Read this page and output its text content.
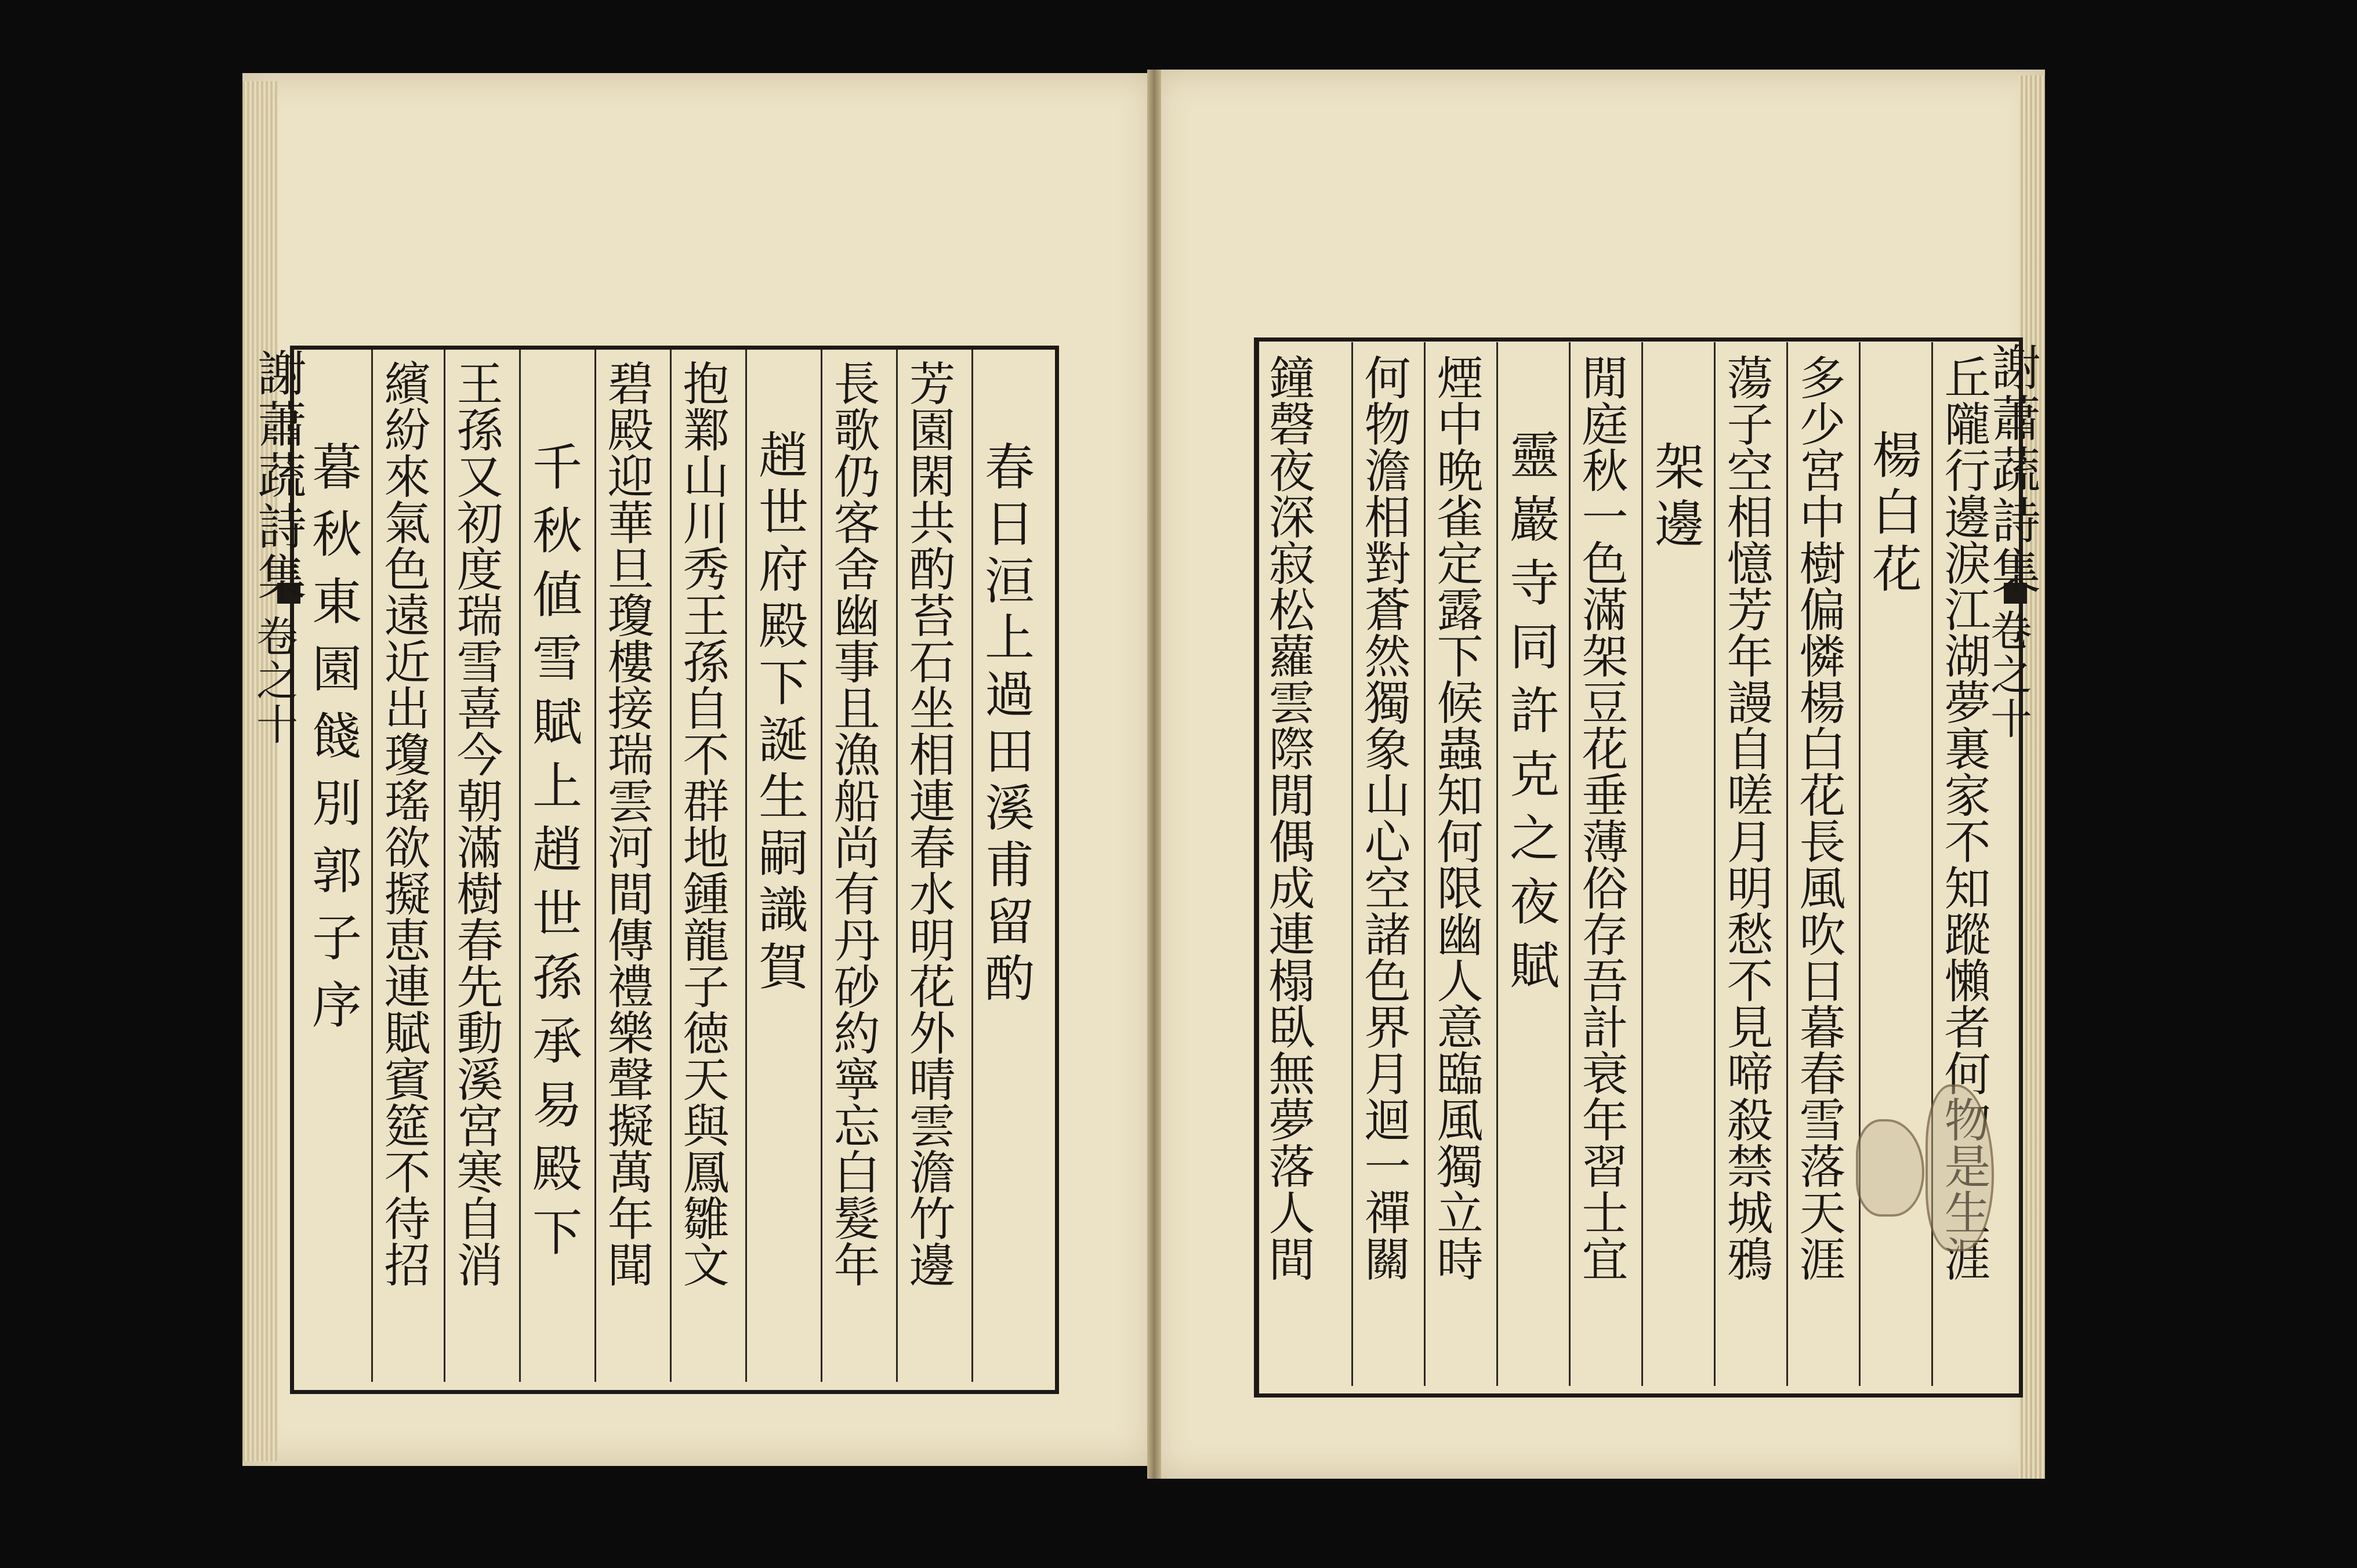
謝蕭蔬詩集
卷之十	春日洹上過田溪甫留酌
芳園閑共酌苔石坐相連春水明花外晴雲澹竹邊
長歌仍客舍幽事且漁船尚有丹砂約寧忘白髮年
趙世府殿下誕生嗣識賀
抱鄴山川秀王孫自不群地鍾龍子徳天與鳳雛文
碧殿迎華旦瓊樓接瑞雲河間傳禮樂聲擬萬年聞
千秋値雪賦上趙世孫承易殿下
王孫又初度瑞雪喜今朝滿樹春先動溪宮寒自消
繽紛來氣色遠近出瓊瑤欲擬恵連賦賓筵不待招
暮秋東園餞別郭子序	謝蕭蔬詩集
卷之十
丘隴行邊淚江湖夢裏家不知蹤懶者何物是生涯
楊白花
多少宮中樹偏憐楊白花長風吹日暮春雪落天涯
蕩子空相憶芳年謾自嗟月明愁不見啼殺禁城鴉
架邊
閒庭秋一色滿架豆花垂薄俗存吾計衰年習士宜
靈巖寺同許克之夜賦
煙中晩雀定露下候蟲知何限幽人意臨風獨立時
何物澹相對蒼然獨象山心空諸色界月迴一禪關
鐘磬夜深寂松蘿雲際閒偶成連榻臥無夢落人間
